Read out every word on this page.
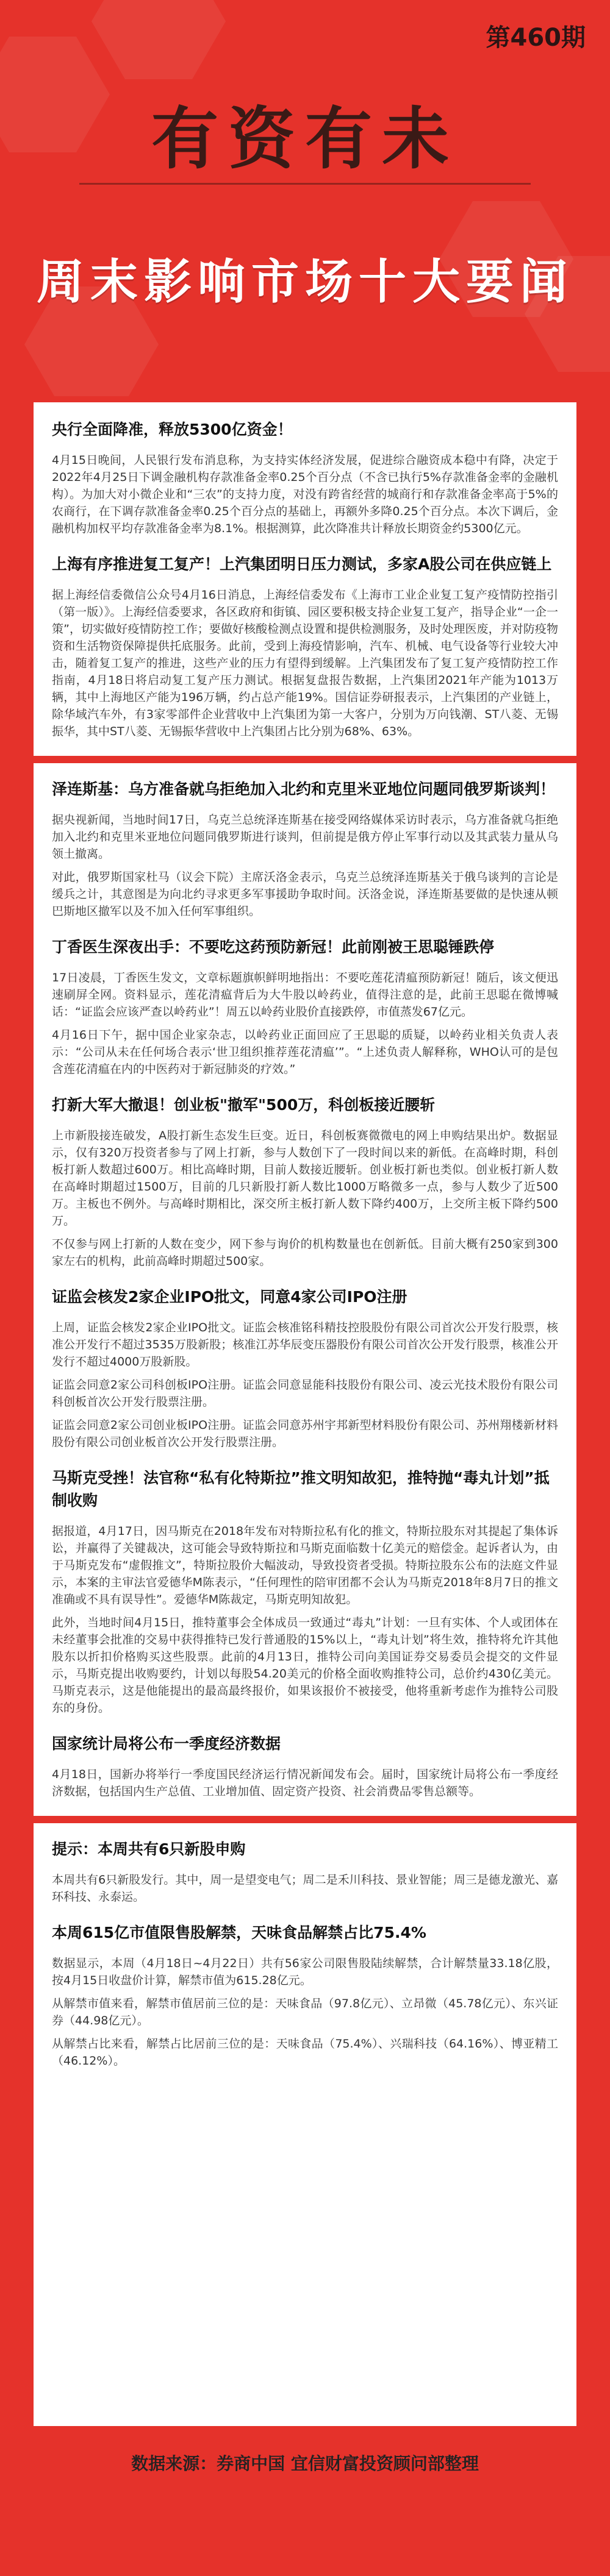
第460期
有资有未
周末影响市场十大要闻
央行全面降准，释放5300亿资金！

4月15日晚间，人民银行发布消息称，为支持实体经济发展，促进综合融资成本稳中有降，决定于2022年4月25日下调金融机构存款准备金率0.25个百分点（不含已执行5%存款准备金率的金融机构）。为加大对小微企业和“三农”的支持力度，对没有跨省经营的城商行和存款准备金率高于5%的农商行，在下调存款准备金率0.25个百分点的基础上，再额外多降0.25个百分点。本次下调后，金融机构加权平均存款准备金率为8.1%。根据测算，此次降准共计释放长期资金约5300亿元。

上海有序推进复工复产！上汽集团明日压力测试，多家A股公司在供应链上

据上海经信委微信公众号4月16日消息，上海经信委发布《上海市工业企业复工复产疫情防控指引（第一版）》。上海经信委要求，各区政府和街镇、园区要积极支持企业复工复产，指导企业“一企一策”，切实做好疫情防控工作；要做好核酸检测点设置和提供检测服务，及时处理医废，并对防疫物资和生活物资保障提供托底服务。此前，受到上海疫情影响，汽车、机械、电气设备等行业较大冲击，随着复工复产的推进，这些产业的压力有望得到缓解。上汽集团发布了复工复产疫情防控工作指南，4月18日将启动复工复产压力测试。根据复盘报告数据，上汽集团2021年产能为1013万辆，其中上海地区产能为196万辆，约占总产能19%。国信证券研报表示，上汽集团的产业链上，除华域汽车外，有3家零部件企业营收中上汽集团为第一大客户，分别为万向钱潮、ST八菱、无锡振华，其中ST八菱、无锡振华营收中上汽集团占比分别为68%、63%。

泽连斯基：乌方准备就乌拒绝加入北约和克里米亚地位问题同俄罗斯谈判！

据央视新闻，当地时间17日，乌克兰总统泽连斯基在接受网络媒体采访时表示，乌方准备就乌拒绝加入北约和克里米亚地位问题同俄罗斯进行谈判，但前提是俄方停止军事行动以及其武装力量从乌领土撤离。

对此，俄罗斯国家杜马（议会下院）主席沃洛金表示，乌克兰总统泽连斯基关于俄乌谈判的言论是缓兵之计，其意图是为向北约寻求更多军事援助争取时间。沃洛金说，泽连斯基要做的是快速从顿巴斯地区撤军以及不加入任何军事组织。

丁香医生深夜出手：不要吃这药预防新冠！此前刚被王思聪锤跌停

17日凌晨，丁香医生发文，文章标题旗帜鲜明地指出：不要吃莲花清瘟预防新冠！随后，该文便迅速刷屏全网。资料显示，莲花清瘟背后为大牛股以岭药业，值得注意的是，此前王思聪在微博喊话：“证监会应该严查以岭药业”！周五以岭药业股价直接跌停，市值蒸发67亿元。

4月16日下午，据中国企业家杂志，以岭药业正面回应了王思聪的质疑，以岭药业相关负责人表示：“公司从未在任何场合表示‘世卫组织推荐莲花清瘟’”。“上述负责人解释称，WHO认可的是包含莲花清瘟在内的中医药对于新冠肺炎的疗效。”

打新大军大撤退！创业板"撤军"500万，科创板接近腰斩

上市新股接连破发，A股打新生态发生巨变。近日，科创板赛微微电的网上申购结果出炉。数据显示，仅有320万投资者参与了网上打新，参与人数创下了一段时间以来的新低。在高峰时期，科创板打新人数超过600万。相比高峰时期，目前人数接近腰斩。创业板打新也类似。创业板打新人数在高峰时期超过1500万，目前的几只新股打新人数比1000万略微多一点，参与人数少了近500万。主板也不例外。与高峰时期相比，深交所主板打新人数下降约400万，上交所主板下降约500万。

不仅参与网上打新的人数在变少，网下参与询价的机构数量也在创新低。目前大概有250家到300家左右的机构，此前高峰时期超过500家。

证监会核发2家企业IPO批文，同意4家公司IPO注册

上周，证监会核发2家企业IPO批文。证监会核准铭科精技控股股份有限公司首次公开发行股票，核准公开发行不超过3535万股新股；核准江苏华辰变压器股份有限公司首次公开发行股票，核准公开发行不超过4000万股新股。

证监会同意2家公司科创板IPO注册。证监会同意显能科技股份有限公司、凌云光技术股份有限公司科创板首次公开发行股票注册。

证监会同意2家公司创业板IPO注册。证监会同意苏州宇邦新型材料股份有限公司、苏州翔楼新材料股份有限公司创业板首次公开发行股票注册。

马斯克受挫！法官称“私有化特斯拉”推文明知故犯，推特抛“毒丸计划”抵制收购

据报道，4月17日，因马斯克在2018年发布对特斯拉私有化的推文，特斯拉股东对其提起了集体诉讼，并赢得了关键裁决，这可能会导致特斯拉和马斯克面临数十亿美元的赔偿金。起诉者认为，由于马斯克发布“虚假推文”，特斯拉股价大幅波动，导致投资者受损。特斯拉股东公布的法庭文件显示，本案的主审法官爱德华M陈表示，“任何理性的陪审团都不会认为马斯克2018年8月7日的推文准确或不具有误导性”。爱德华M陈裁定，马斯克明知故犯。

此外，当地时间4月15日，推特董事会全体成员一致通过“毒丸”计划：一旦有实体、个人或团体在未经董事会批准的交易中获得推特已发行普通股的15%以上，“毒丸计划”将生效，推特将允许其他股东以折扣价格购买这些股票。此前的4月13日，推特公司向美国证券交易委员会提交的文件显示，马斯克提出收购要约，计划以每股54.20美元的价格全面收购推特公司，总价约430亿美元。马斯克表示，这是他能提出的最高最终报价，如果该报价不被接受，他将重新考虑作为推特公司股东的身份。

国家统计局将公布一季度经济数据

4月18日，国新办将举行一季度国民经济运行情况新闻发布会。届时，国家统计局将公布一季度经济数据，包括国内生产总值、工业增加值、固定资产投资、社会消费品零售总额等。

提示：本周共有6只新股申购

本周共有6只新股发行。其中，周一是望变电气；周二是禾川科技、景业智能；周三是德龙激光、嘉环科技、永泰运。

本周615亿市值限售股解禁，天味食品解禁占比75.4%

数据显示，本周（4月18日~4月22日）共有56家公司限售股陆续解禁，合计解禁量33.18亿股，按4月15日收盘价计算，解禁市值为615.28亿元。

从解禁市值来看，解禁市值居前三位的是：天味食品（97.8亿元）、立昂微（45.78亿元）、东兴证券（44.98亿元）。

从解禁占比来看，解禁占比居前三位的是：天味食品（75.4%）、兴瑞科技（64.16%）、博亚精工（46.12%）。

数据来源：券商中国 宜信财富投资顾问部整理
